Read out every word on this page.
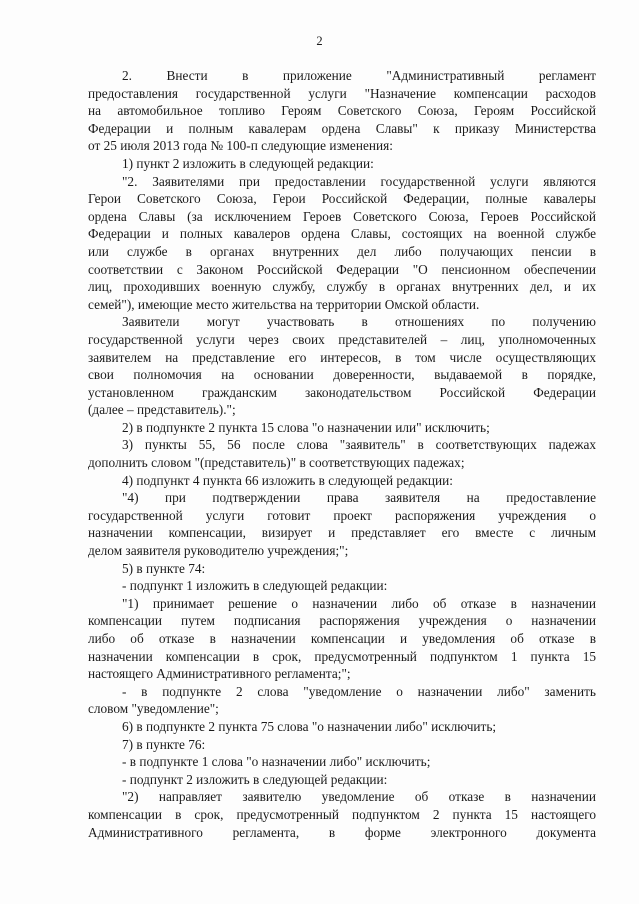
2
2. Внести в приложение "Административный регламент
предоставления государственной услуги "Назначение компенсации расходов
на автомобильное топливо Героям Советского Союза, Героям Российской
Федерации и полным кавалерам ордена Славы" к приказу Министерства
от 25 июля 2013 года № 100-п следующие изменения:
1) пункт 2 изложить в следующей редакции:
"2. Заявителями при предоставлении государственной услуги являются
Герои Советского Союза, Герои Российской Федерации, полные кавалеры
ордена Славы (за исключением Героев Советского Союза, Героев Российской
Федерации и полных кавалеров ордена Славы, состоящих на военной службе
или службе в органах внутренних дел либо получающих пенсии в
соответствии с Законом Российской Федерации "О пенсионном обеспечении
лиц, проходивших военную службу, службу в органах внутренних дел, и их
семей"), имеющие место жительства на территории Омской области.
Заявители могут участвовать в отношениях по получению
государственной услуги через своих представителей – лиц, уполномоченных
заявителем на представление его интересов, в том числе осуществляющих
свои полномочия на основании доверенности, выдаваемой в порядке,
установленном гражданским законодательством Российской Федерации
(далее – представитель).";
2) в подпункте 2 пункта 15 слова "о назначении или" исключить;
3) пункты 55, 56 после слова "заявитель" в соответствующих падежах
дополнить словом "(представитель)" в соответствующих падежах;
4) подпункт 4 пункта 66 изложить в следующей редакции:
"4) при подтверждении права заявителя на предоставление
государственной услуги готовит проект распоряжения учреждения о
назначении компенсации, визирует и представляет его вместе с личным
делом заявителя руководителю учреждения;";
5) в пункте 74:
- подпункт 1 изложить в следующей редакции:
"1) принимает решение о назначении либо об отказе в назначении
компенсации путем подписания распоряжения учреждения о назначении
либо об отказе в назначении компенсации и уведомления об отказе в
назначении компенсации в срок, предусмотренный подпунктом 1 пункта 15
настоящего Административного регламента;";
- в подпункте 2 слова "уведомление о назначении либо" заменить
словом "уведомление";
6) в подпункте 2 пункта 75 слова "о назначении либо" исключить;
7) в пункте 76:
- в подпункте 1 слова "о назначении либо" исключить;
- подпункт 2 изложить в следующей редакции:
"2) направляет заявителю уведомление об отказе в назначении
компенсации в срок, предусмотренный подпунктом 2 пункта 15 настоящего
Административного регламента, в форме электронного документа
